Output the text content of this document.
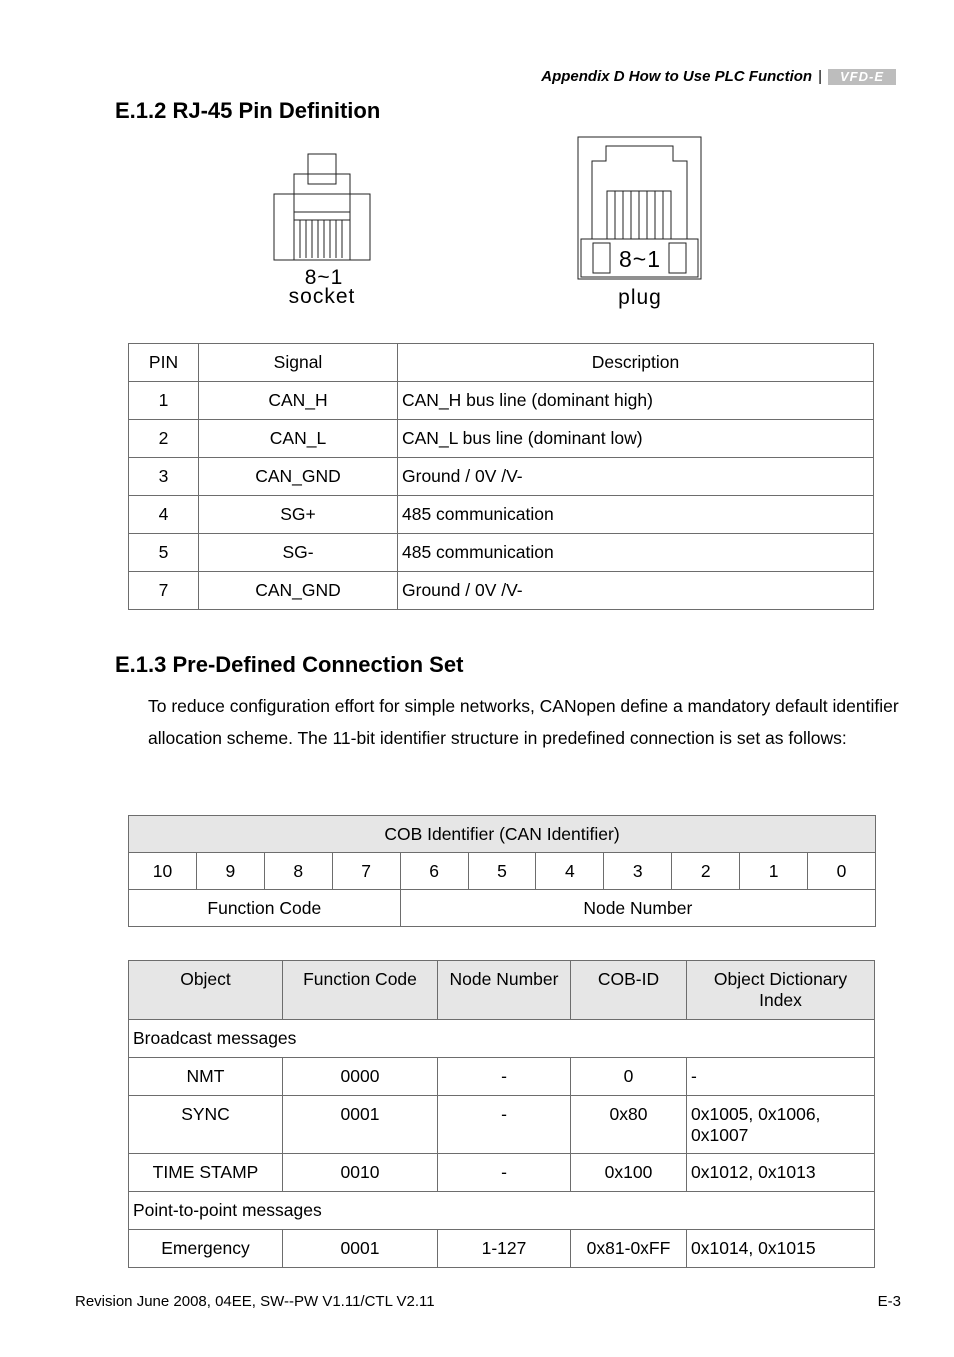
Appendix D How to Use PLC Function |	VFD-E
E.1.2 RJ-45 Pin Definition
8~1
socket
8~1
plug
PIN	Signal	Description
1	CAN_H	CAN_H bus line (dominant high)
2	CAN_L	CAN_L bus line (dominant low)
3	CAN_GND	Ground / 0V /V-
4	SG+	485 communication
5	SG-	485 communication
7	CAN_GND	Ground / 0V /V-
E.1.3 Pre-Defined Connection Set
To reduce configuration effort for simple networks, CANopen define a mandatory default identifier allocation scheme. The 11-bit identifier structure in predefined connection is set as follows:
COB Identifier (CAN Identifier)										
10	9	8	7	6	5	4	3	2	1	0
Function Code				Node Number						
Object	Function Code	Node Number	COB-ID	Object Dictionary Index
Broadcast messages				
NMT	0000	-	0	-
SYNC	0001	-	0x80	0x1005, 0x1006, 0x1007
TIME STAMP	0010	-	0x100	0x1012, 0x1013
Point-to-point messages				
Emergency	0001	1-127	0x81-0xFF	0x1014, 0x1015
Revision June 2008, 04EE, SW--PW V1.11/CTL V2.11	E-3
